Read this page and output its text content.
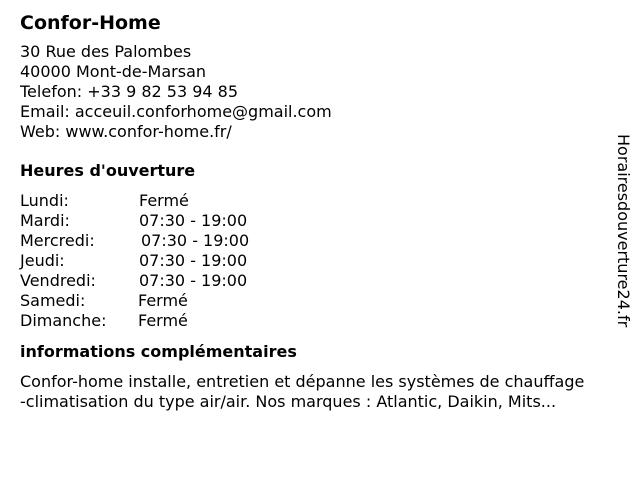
Confor-Home
30 Rue des Palombes
40000 Mont-de-Marsan
Telefon: +33 9 82 53 94 85
Email: acceuil.conforhome@gmail.com
Web: www.confor-home.fr/
Heures d'ouverture
Lundi:	Fermé
Mardi:	07:30 - 19:00
Mercredi:	07:30 - 19:00
Jeudi:	07:30 - 19:00
Vendredi:	07:30 - 19:00
Samedi:	Fermé
Dimanche: Fermé
informations complémentaires
Confor-home installe, entretien et dépanne les systèmes de chauffage
-climatisation du type air/air. Nos marques : Atlantic, Daikin, Mits...
Horairesdouverture24.fr
